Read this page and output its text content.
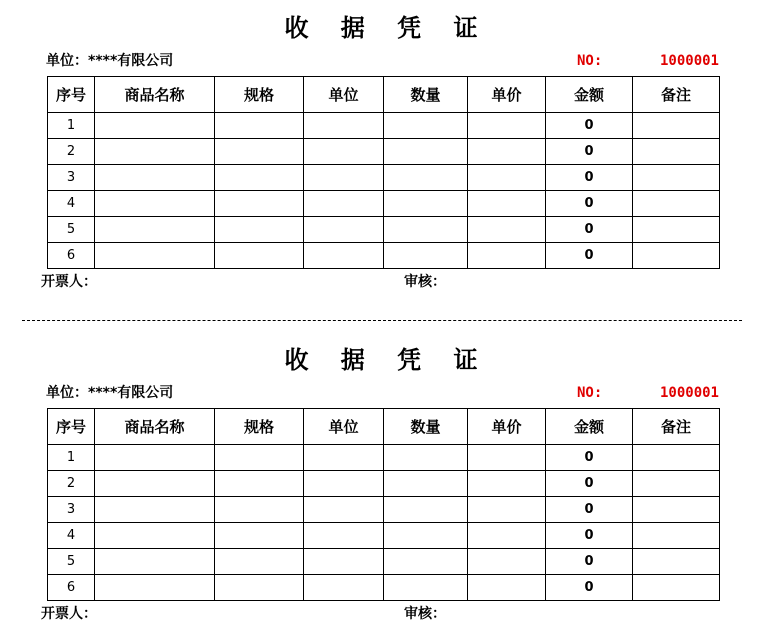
收 据 凭 证
单位：****有限公司	NO:	1000001
序号	商品名称	规格	单位	数量	单价	金额	备注
1						0	
2						0	
3						0	
4						0	
5						0	
6						0	
开票人：	审核：
收 据 凭 证
单位：****有限公司	NO:	1000001
序号	商品名称	规格	单位	数量	单价	金额	备注
1						0	
2						0	
3						0	
4						0	
5						0	
6						0	
开票人：	审核：
